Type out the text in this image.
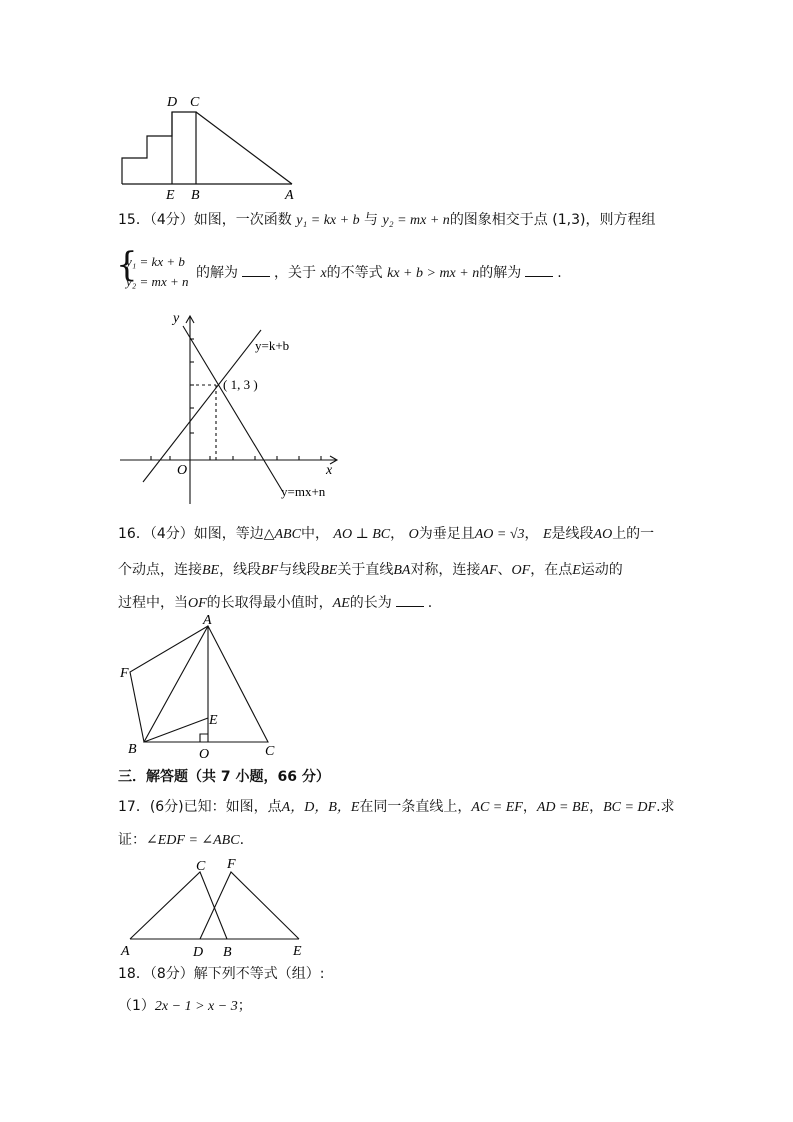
D C
E B	A
15．（4分）如图，一次函数 y₁ = kx + b 与 y₂ = mx + n的图象相交于点 (1,3)，则方程组
{
y₁ = kx + b
y₂ = mx + n
的解为	，关于 x的不等式 kx + b > mx + n的解为	.
y
x
O
y=k+b
y=mx+n
( 1, 3 )
16．（4分）如图，等边△ABC中， AO ⊥ BC， O为垂足且AO = √3， E是线段AO上的一
个动点，连接BE，线段BF与线段BE关于直线BA对称，连接AF、OF，在点E运动的
过程中，当OF的长取得最小值时，AE的长为	.
A
F
E
B	O	C
三．解答题（共 7 小题，66 分）
17．(6分)已知：如图，点A，D，B，E在同一条直线上，AC = EF，AD = BE，BC = DF.求
证：∠EDF = ∠ABC.
C F
A	D B	E
18．（8分）解下列不等式（组）:
（1）2x − 1 > x − 3；
